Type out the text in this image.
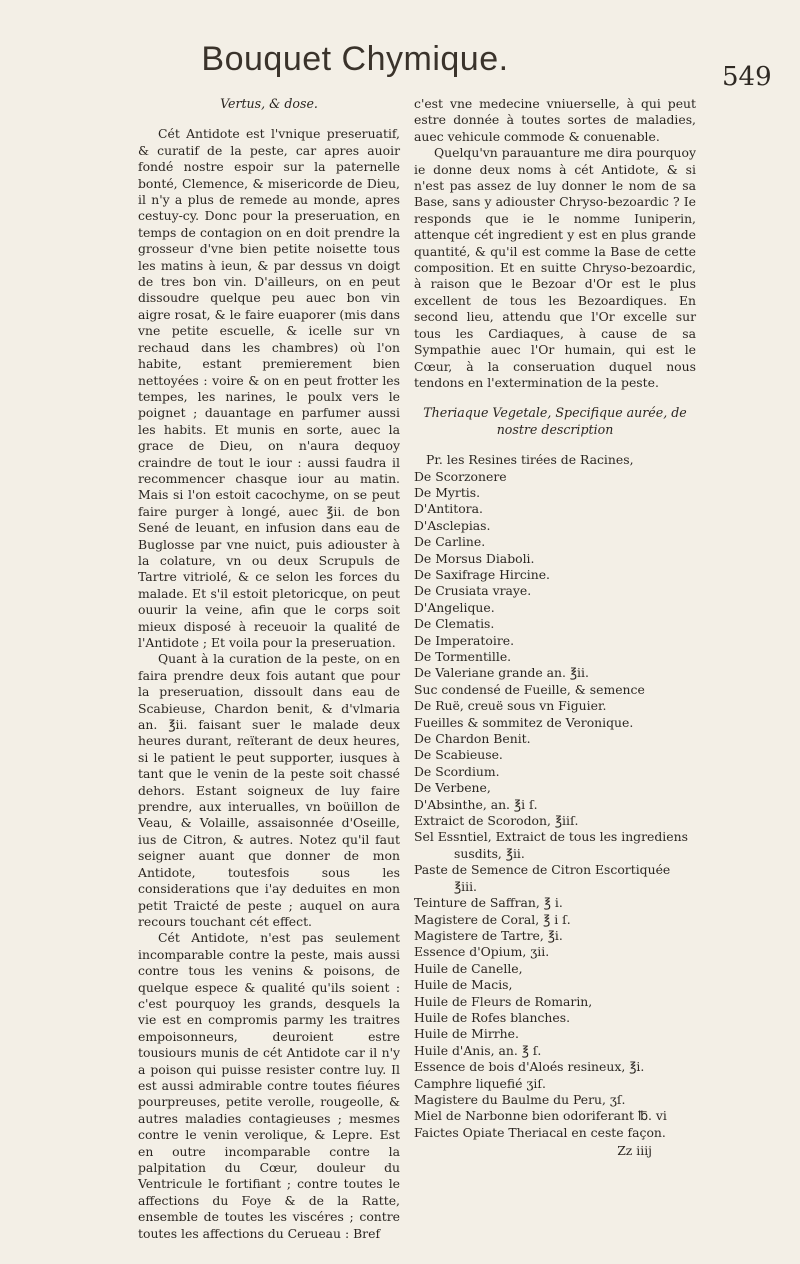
Bouquet Chymique.	549
Vertus, & dose.

Cét Antidote est l'vnique preseruatif, & curatif de la peste, car apres auoir fondé nostre espoir sur la paternelle bonté, Clemence, & misericorde de Dieu, il n'y a plus de remede au monde, apres cestuy-cy. Donc pour la preseruation, en temps de contagion on en doit prendre la grosseur d'vne bien petite noisette tous les matins à ieun, & par dessus vn doigt de tres bon vin. D'ailleurs, on en peut dissoudre quelque peu auec bon vin aigre rosat, & le faire euaporer (mis dans vne petite escuelle, & icelle sur vn rechaud dans les chambres) où l'on habite, estant premierement bien nettoyées : voire & on en peut frotter les tempes, les narines, le poulx vers le poignet ; dauantage en parfumer aussi les habits. Et munis en sorte, auec la grace de Dieu, on n'aura dequoy craindre de tout le iour : aussi faudra il recommencer chasque iour au matin. Mais si l'on estoit cacochyme, on se peut faire purger à longé, auec ℥ii. de bon Sené de leuant, en infusion dans eau de Buglosse par vne nuict, puis adiouster à la colature, vn ou deux Scrupuls de Tartre vitriolé, & ce selon les forces du malade. Et s'il estoit pletoricque, on peut ouurir la veine, afin que le corps soit mieux disposé à receuoir la qualité de l'Antidote ; Et voila pour la preseruation.

Quant à la curation de la peste, on en faira prendre deux fois autant que pour la preseruation, dissoult dans eau de Scabieuse, Chardon benit, & d'vlmaria an. ℥ii. faisant suer le malade deux heures durant, reïterant de deux heures, si le patient le peut supporter, iusques à tant que le venin de la peste soit chassé dehors. Estant soigneux de luy faire prendre, aux interualles, vn boüillon de Veau, & Volaille, assaisonnée d'Oseille, ius de Citron, & autres. Notez qu'il faut seigner auant que donner de mon Antidote, toutesfois sous les considerations que i'ay deduites en mon petit Traicté de peste ; auquel on aura recours touchant cét effect.

Cét Antidote, n'est pas seulement incomparable contre la peste, mais aussi contre tous les venins & poisons, de quelque espece & qualité qu'ils soient : c'est pourquoy les grands, desquels la vie est en compromis parmy les traitres empoisonneurs, deuroient estre tousiours munis de cét Antidote car il n'y a poison qui puisse resister contre luy. Il est aussi admirable contre toutes fiéures pourpreuses, petite verolle, rougeolle, & autres maladies contagieuses ; mesmes contre le venin verolique, & Lepre. Est en outre incomparable contre la palpitation du Cœur, douleur du Ventricule le fortifiant ; contre toutes le affections du Foye & de la Ratte, ensemble de toutes les viscéres ; contre toutes les affections du Cerueau : Bref

c'est vne medecine vniuerselle, à qui peut estre donnée à toutes sortes de maladies, auec vehicule commode & conuenable.

Quelqu'vn parauanture me dira pourquoy ie donne deux noms à cét Antidote, & si n'est pas assez de luy donner le nom de sa Base, sans y adiouster Chryso-bezoardic ? Ie responds que ie le nomme Iuniperin, attenque cét ingredient y est en plus grande quantité, & qu'il est comme la Base de cette composition. Et en suitte Chryso-bezoardic, à raison que le Bezoar d'Or est le plus excellent de tous les Bezoardiques. En second lieu, attendu que l'Or excelle sur tous les Cardiaques, à cause de sa Sympathie auec l'Or humain, qui est le Cœur, à la conseruation duquel nous tendons en l'extermination de la peste.

Theriaque Vegetale, Specifique aurée, de nostre description
Pr. les Resines tirées de Racines,
De Scorzonere
De Myrtis.
D'Antitora.
D'Asclepias.
De Carline.
De Morsus Diaboli.
De Saxifrage Hircine.
De Crusiata vraye.
D'Angelique.
De Clematis.
De Imperatoire.
De Tormentille.
De Valeriane grande an. ℥ii.
Suc condensé de Fueille, & semence
De Ruë, creuë sous vn Figuier.
Fueilles & sommitez de Veronique.
De Chardon Benit.
De Scabieuse.
De Scordium.
De Verbene,
D'Absinthe, an. ℥i ſ.
Extraict de Scorodon, ℥iiſ.
Sel Essntiel, Extraict de tous les ingrediens
susdits, ℥ii.
Paste de Semence de Citron Escortiquée
℥iii.
Teinture de Saffran, ℥ i.
Magistere de Coral, ℥ i ſ.
Magistere de Tartre, ℥i.
Essence d'Opium, ʒii.
Huile de Canelle,
Huile de Macis,
Huile de Fleurs de Romarin,
Huile de Rofes blanches.
Huile de Mirrhe.
Huile d'Anis, an. ℥ ſ.
Essence de bois d'Aloés resineux, ℥i.
Camphre liquefié ʒiſ.
Magistere du Baulme du Peru, ʒſ.
Miel de Narbonne bien odoriferant ℔. vi
Faictes Opiate Theriacal en ceste façon.
Zz iiij
